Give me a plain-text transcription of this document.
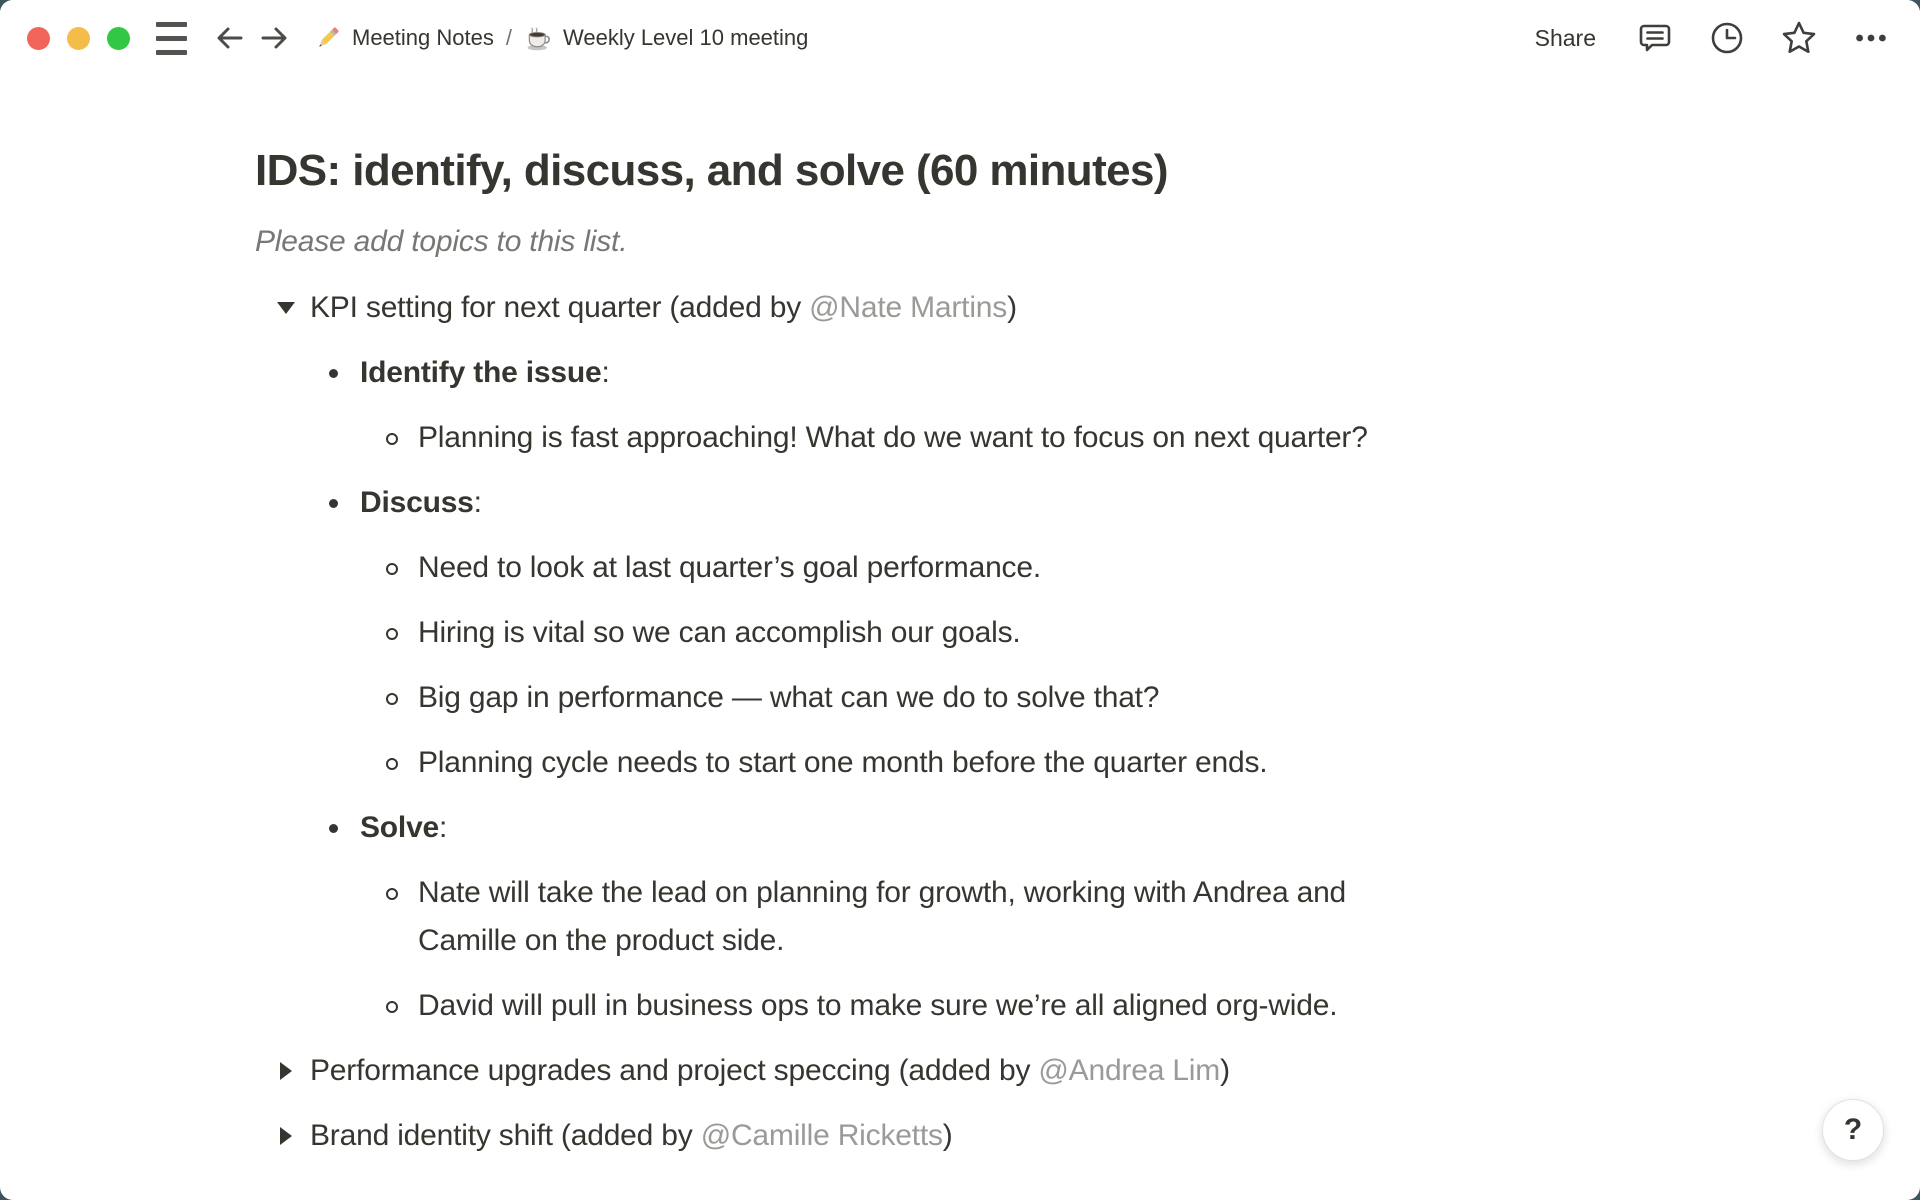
Meeting Notes / Weekly Level 10 meeting	Share
IDS: identify, discuss, and solve (60 minutes)
Please add topics to this list.
KPI setting for next quarter (added by @Nate Martins)
Identify the issue:
Planning is fast approaching! What do we want to focus on next quarter?
Discuss:
Need to look at last quarter’s goal performance.
Hiring is vital so we can accomplish our goals.
Big gap in performance — what can we do to solve that?
Planning cycle needs to start one month before the quarter ends.
Solve:
Nate will take the lead on planning for growth, working with Andrea and Camille on the product side.
David will pull in business ops to make sure we’re all aligned org-wide.
Performance upgrades and project speccing (added by @Andrea Lim)
Brand identity shift (added by @Camille Ricketts)	?
